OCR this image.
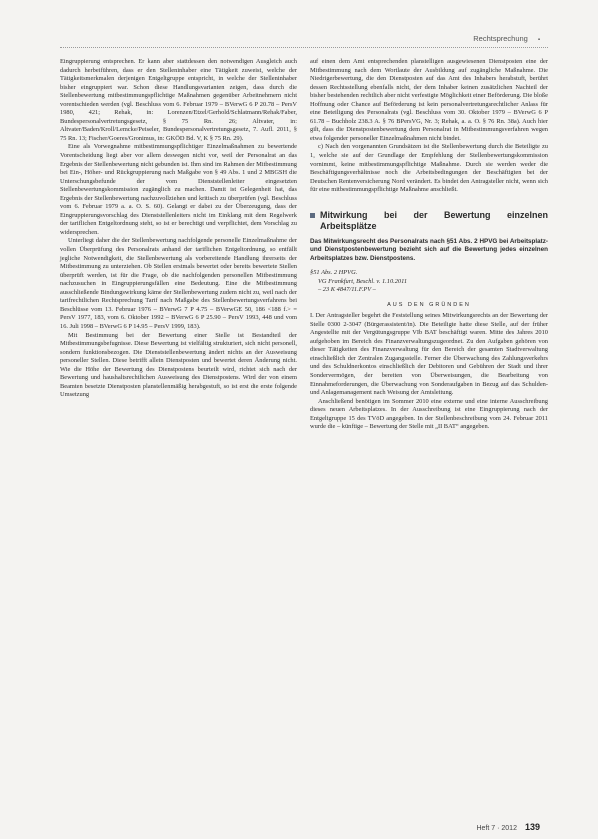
Rechtsprechung ▪

Eingruppierung entsprechen. Er kann aber stattdessen den notwendigen Ausgleich auch dadurch herbeiführen, dass er den Stelleninhaber eine Tätigkeit zuweist, welche der Tätigkeitsmerkmalen derjenigen Entgeltgruppe entspricht, in welche der Stelleninhaber bisher eingruppiert war. Schon diese Handlungsvarianten zeigen, dass durch die Stellenbewertung mitbestimmungspflichtige Maßnahmen gegenüber Arbeitnehmern nicht vorentschieden werden (vgl. Beschluss vom 6. Februar 1979 – BVerwG 6 P 20.78 – PersV 1980, 421; Rehak, in: Lorenzen/Etzel/Gerhold/Schlatmann/Rehak/Faber, Bundespersonalvertretungsgesetz, § 75 Rn. 26; Altvater, in: Altvater/Baden/Kroll/Lemcke/Peiseler, Bundespersonalvertretungsgesetz, 7. Aufl. 2011, § 75 Rn. 13; Fischer/Goeres/Gronimus, in: GKÖD Bd. V, K § 75 Rn. 29).

Eine als Vorwegnahme mitbestimmungspflichtiger Einzelmaßnahmen zu bewertende Vorentscheidung liegt aber vor allem deswegen nicht vor, weil der Personalrat an das Ergebnis der Stellenbewertung nicht gebunden ist. Ihm sind im Rahmen der Mitbestimmung bei Ein-, Höher- und Rückgruppierung nach Maßgabe von § 49 Abs. 1 und 2 MBGSH die Unterschungsbefunde der vom Dienststellenleiter eingesetzten Stellenbewertungskommission zugänglich zu machen. Damit ist Gelegenheit hat, das Ergebnis der Stellenbewertung nachzuvollziehen und kritisch zu überprüfen (vgl. Beschluss vom 6. Februar 1979 a. a. O. S. 60). Gelangt er dabei zu der Überzeugung, dass der Eingruppierungsvorschlag des Dienststellenleiters nicht im Einklang mit dem Regelwerk der tariflichen Entgeltordnung steht, so ist er berechtigt und verpflichtet, dem Vorschlag zu widersprechen.

Unterliegt daher die der Stellenbewertung nachfolgende personelle Einzelmaßnahme der vollen Überprüfung des Personalrats anhand der tariflichen Entgeltordnung, so entfällt jegliche Notwendigkeit, die Stellenbewertung als vorbereitende Handlung ihrerseits der Mitbestimmung zu unterziehen. Ob Stellen erstmals bewertet oder bereits bewertete Stellen überprüft werden, ist für die Frage, ob die nachfolgenden personellen Mitbestimmung nachzusuchen in Eingruppierungsfällen eine Bedeutung. Eine die Mitbestimmung ausschließende Bindungswirkung käme der Stellenbewertung zudem nicht zu, weil nach der tarifrechtlichen Rechtsprechung Tarif nach Maßgabe des Stellenbewertungsverfahrens bei Beschlüsse vom 13. Februar 1976 – BVerwG 7 P 4.75 – BVerwGE 50, 186 <188 f.> = PersV 1977, 183, vom 6. Oktober 1992 – BVerwG 6 P 25.90 – PersV 1993, 448 und vom 16. Juli 1998 – BVerwG 6 P 14.95 – PersV 1999, 183).

Mit Bestimmung bei der Bewertung einer Stelle ist Bestandteil der Mitbestimmungsbefugnisse. Diese Bewertung ist vielfältig strukturiert, sich nicht personell, sondern funktionsbezogen. Die Dienststellenbewertung ändert nichts an der Ausweisung personeller Stellen. Diese betrifft allein Dienstposten und bewertet deren Änderung nicht. Wie die Höhe der Bewertung des Dienstpostens beurteilt wird, richtet sich nach der Bewertung und haushaltsrechtlichen Ausweisung des Dienstpostens. Wird der von einem Beamten besetzte Dienstposten planstellenmäßig herabgestuft, so ist erst die erste folgende Umsetzung

auf einen dem Amt entsprechenden planstelligen ausgewiesenen Dienstposten eine der Mitbestimmung nach dem Wortlaute der Ausbildung auf zugängliche Maßnahme. Die Niedrigerbewertung, die den Dienstposten auf das Amt des Inhabers herabstuft, berührt dessen Rechtsstellung ebenfalls nicht, der dem Inhaber keinen zusätzlichen Nachteil der bisher bestehenden rechtlich aber nicht verfestigte Möglichkeit einer Beförderung. Die bloße Hoffnung oder Chance auf Beförderung ist kein personalvertretungsrechtlicher Anlass für eine Beteiligung des Personalrats (vgl. Beschluss vom 30. Oktober 1979 – BVerwG 6 P 61.78 – Buchholz 238.3 A. § 76 BPersVG, Nr. 3; Rehak, a. a. O. § 76 Rn. 38a). Auch hier gilt, dass die Dienstpostenbewertung dem Personalrat in Mitbestimmungsverfahren wegen etwa folgender personeller Einzelmaßnahmen nicht bindet.

c) Nach den vorgenannten Grundsätzen ist die Stellenbewertung durch die Beteiligte zu 1, welche sie auf der Grundlage der Empfehlung der Stellenbewertungskommission vornimmt, keine mitbestimmungspflichtige Maßnahme. Durch sie werden weder die Beschäftigungsverhältnisse noch die Arbeitsbedingungen der Beschäftigten bei der Deutschen Rentenversicherung Nord verändert. Es bindet den Antragsteller nicht, wenn sich für eine mitbestimmungspflichtige Maßnahme anschließt.

Mitwirkung bei der Bewertung einzelnen Arbeitsplätze

Das Mitwirkungsrecht des Personalrats nach §51 Abs. 2 HPVG bei Arbeitsplatz- und Dienstpostenbewertung bezieht sich auf die Bewertung jedes einzelnen Arbeitsplatzes bzw. Dienstpostens.

§51 Abs. 2 HPVG.

VG Frankfurt, Beschl. v. 1.10.2011

– 23 K 4847/11.F.PV –

AUS DEN GRÜNDEN

I. Der Antragsteller begehrt die Feststellung seines Mitwirkungsrechts an der Bewertung der Stelle 0300 2-3047 (Bürgerassistent/in). Die Beteiligte hatte diese Stelle, auf der früher Angestellte mit der Vergütungsgruppe VIb BAT beschäftigt waren. Mitte des Jahres 2010 aufgehoben im Bereich des Finanzverwaltungszugeordnet. Zu den Aufgaben gehören von dieser Tätigkeiten des Finanzverwaltung für den Bereich der gesamten Stadtverwaltung einschließlich der Zentralen Zugangsstelle. Ferner die Überwachung des Zahlungsverkehrs und des Schuldnerkontos einschließlich der Debitoren und Gebühren der Stadt und ihrer Sondervermögen, der bereiten von Überweisungen, die Bearbeitung von Einnahmeforderungen, die Überwachung von Sonderaufgaben in Bezug auf das Schulden- und Anlagemanagement nach Weisung der Amtsleitung.

Anschließend benötigen im Sommer 2010 eine externe und eine interne Ausschreibung dieses neuen Arbeitsplatzes. In der Ausschreibung ist eine Eingruppierung nach der Entgeltgruppe 15 des TVöD angegeben. In der Stellenbeschreibung vom 24. Februar 2011 wurde die – künftige – Bewertung der Stelle mit „II BAT“ angegeben.

Heft 7 · 2012 139
